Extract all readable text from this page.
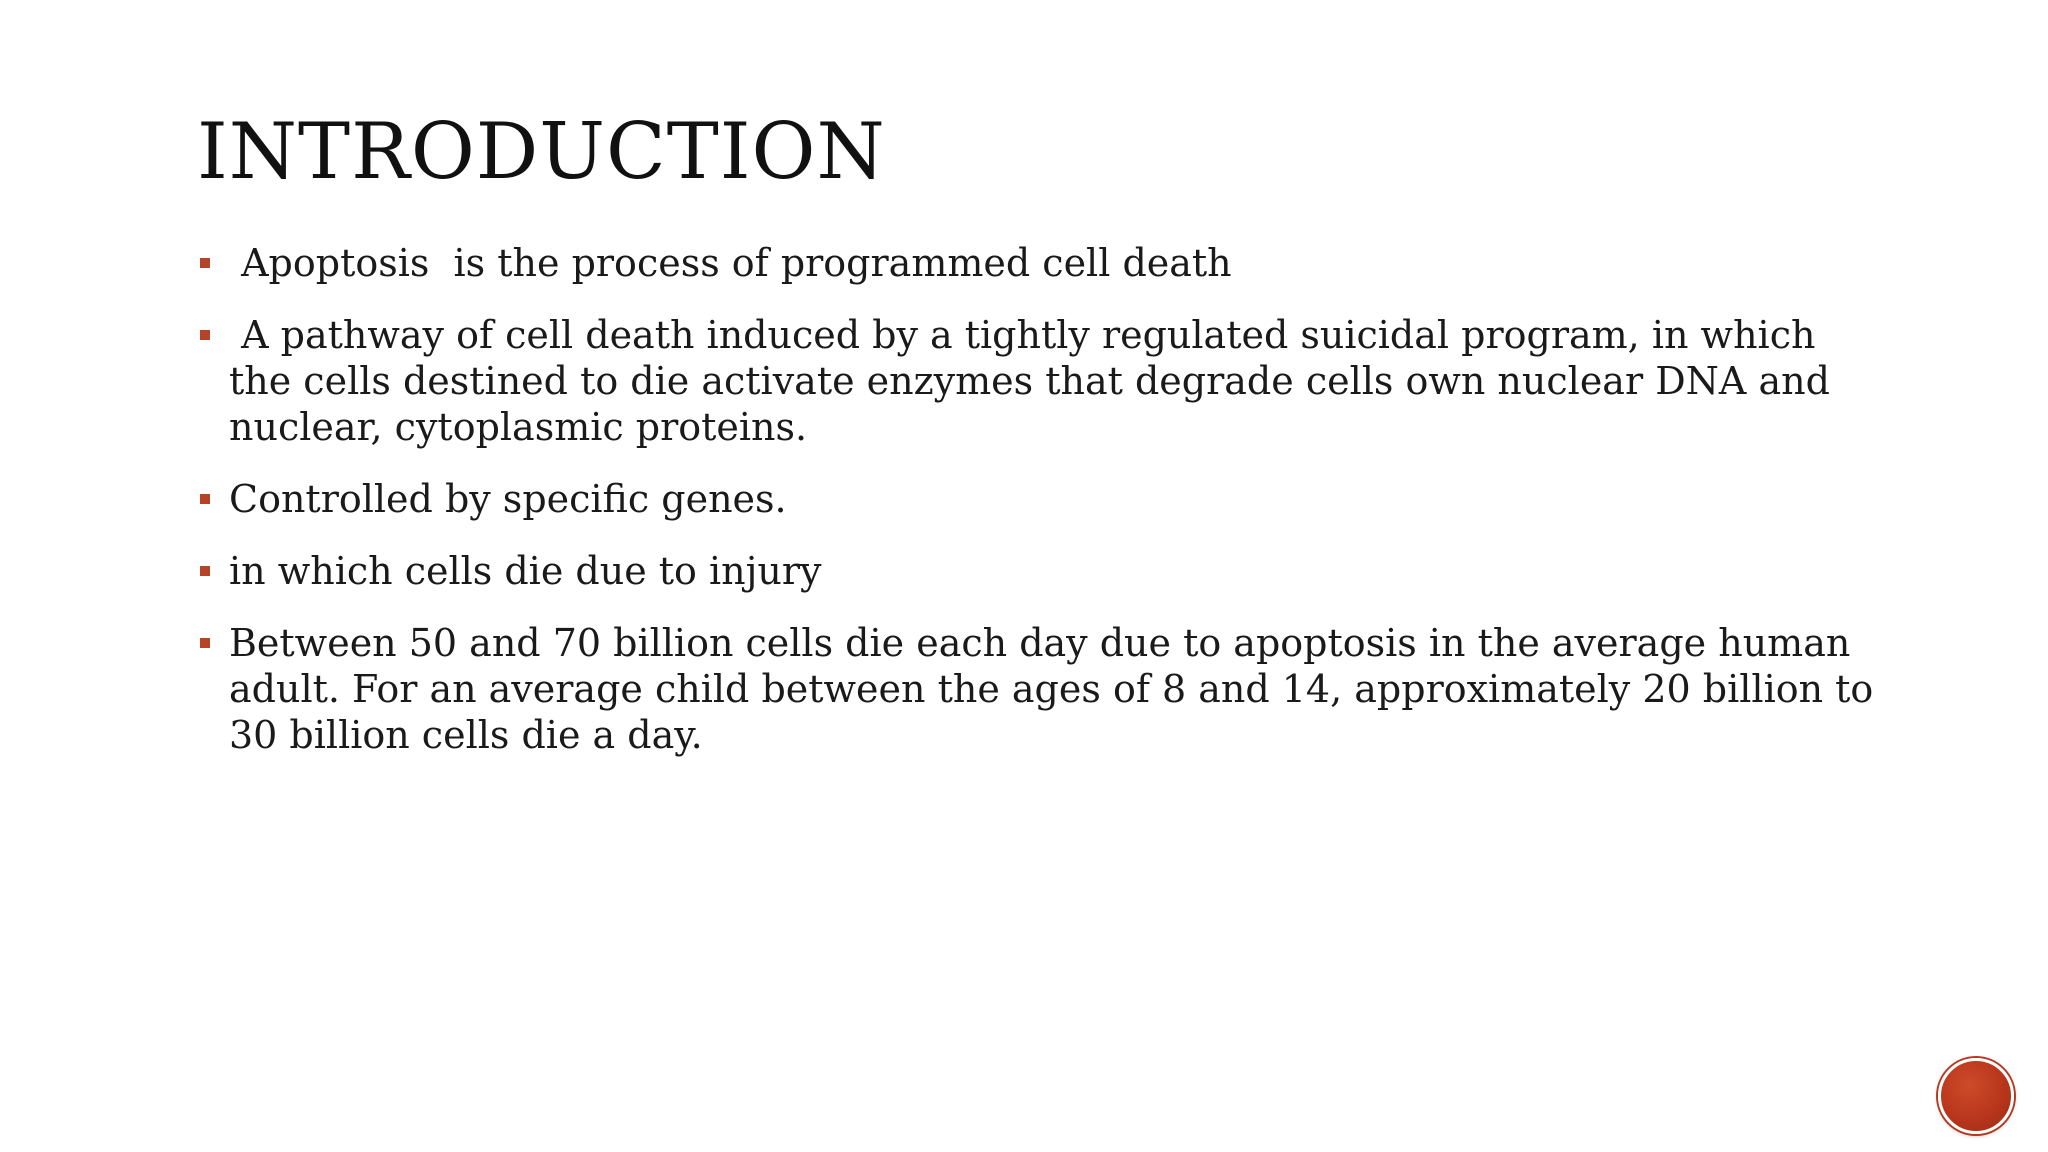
INTRODUCTION
Apoptosis  is the process of programmed cell death
A pathway of cell death induced by a tightly regulated suicidal program, in which the cells destined to die activate enzymes that degrade cells own nuclear DNA and nuclear, cytoplasmic proteins.
Controlled by specific genes.
in which cells die due to injury
Between 50 and 70 billion cells die each day due to apoptosis in the average human adult. For an average child between the ages of 8 and 14, approximately 20 billion to 30 billion cells die a day.
